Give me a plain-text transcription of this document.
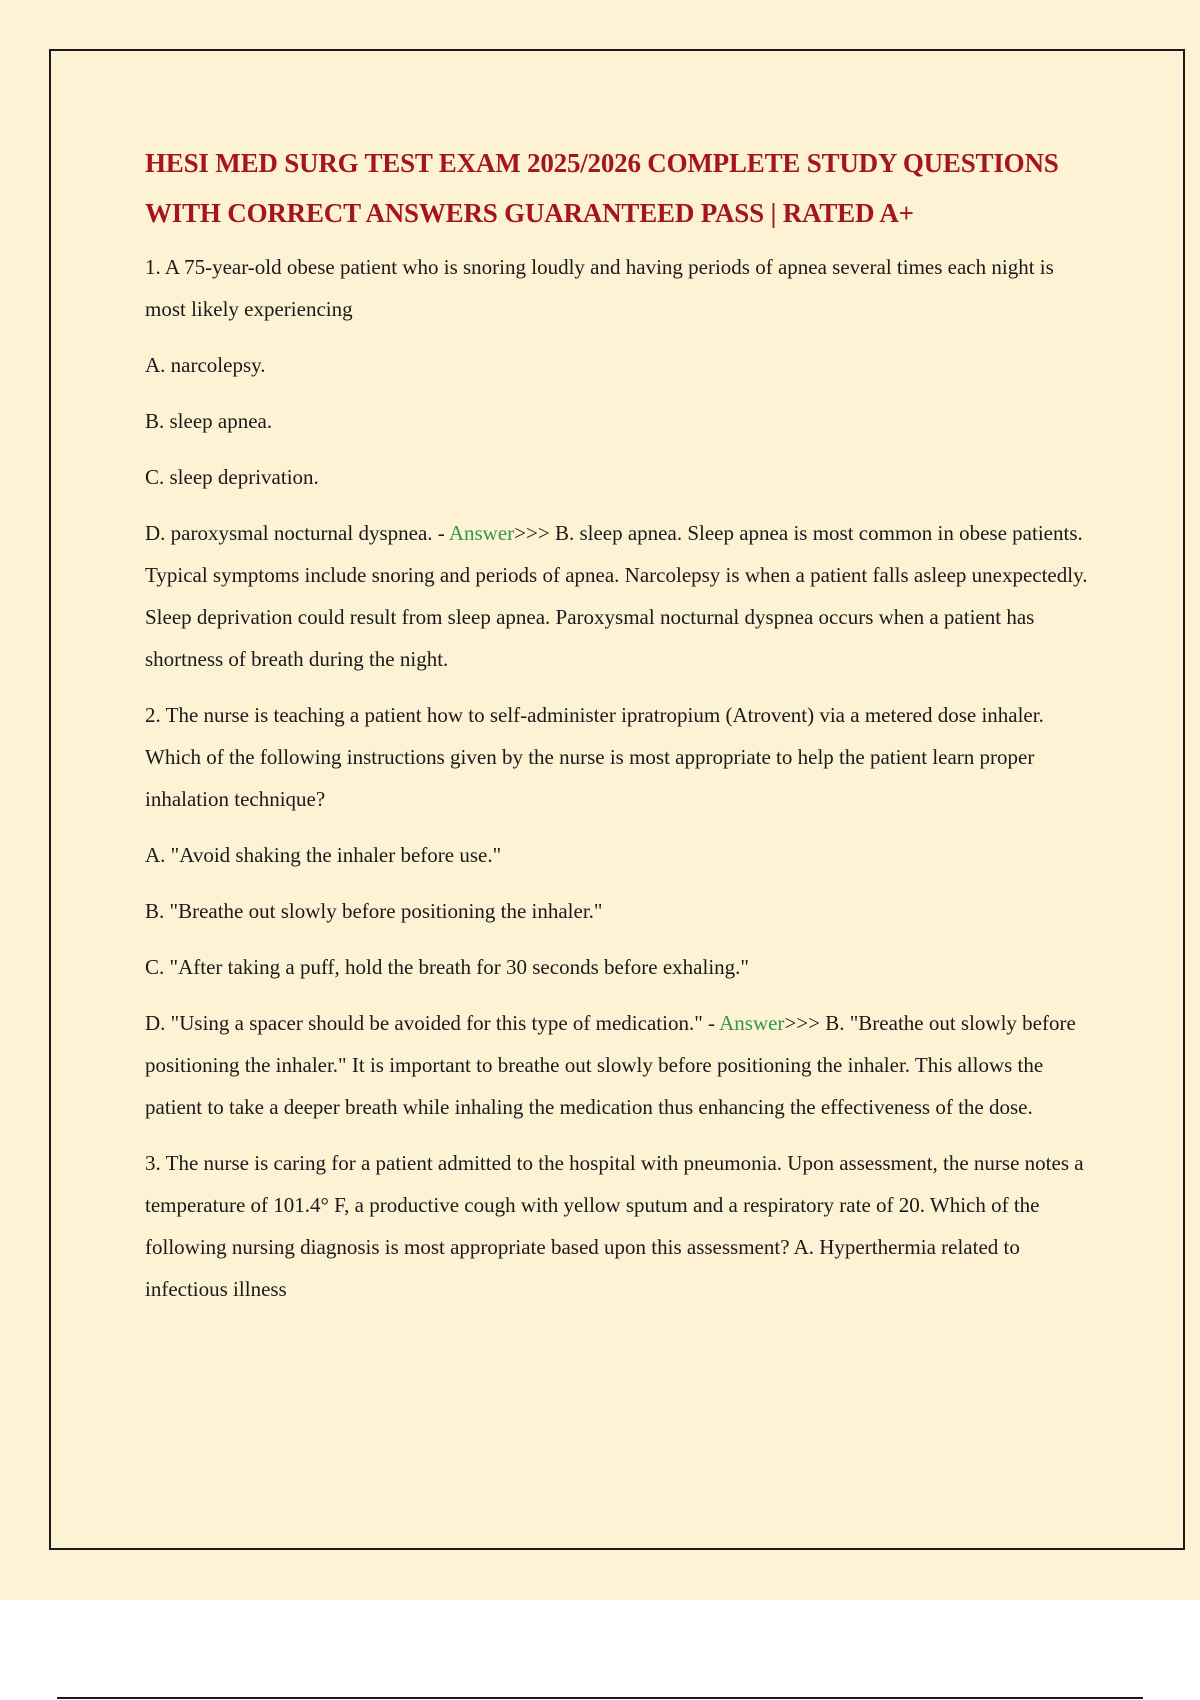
HESI MED SURG TEST EXAM 2025/2026 COMPLETE STUDY QUESTIONS WITH CORRECT ANSWERS GUARANTEED PASS | RATED A+

1. A 75-year-old obese patient who is snoring loudly and having periods of apnea several times each night is most likely experiencing

A. narcolepsy.

B. sleep apnea.

C. sleep deprivation.

D. paroxysmal nocturnal dyspnea. - Answer>>> B. sleep apnea. Sleep apnea is most common in obese patients. Typical symptoms include snoring and periods of apnea. Narcolepsy is when a patient falls asleep unexpectedly. Sleep deprivation could result from sleep apnea. Paroxysmal nocturnal dyspnea occurs when a patient has shortness of breath during the night.

2. The nurse is teaching a patient how to self-administer ipratropium (Atrovent) via a metered dose inhaler. Which of the following instructions given by the nurse is most appropriate to help the patient learn proper inhalation technique?

A. "Avoid shaking the inhaler before use."

B. "Breathe out slowly before positioning the inhaler."

C. "After taking a puff, hold the breath for 30 seconds before exhaling."

D. "Using a spacer should be avoided for this type of medication." - Answer>>> B. "Breathe out slowly before positioning the inhaler." It is important to breathe out slowly before positioning the inhaler. This allows the patient to take a deeper breath while inhaling the medication thus enhancing the effectiveness of the dose.

3. The nurse is caring for a patient admitted to the hospital with pneumonia. Upon assessment, the nurse notes a temperature of 101.4° F, a productive cough with yellow sputum and a respiratory rate of 20. Which of the following nursing diagnosis is most appropriate based upon this assessment? A. Hyperthermia related to infectious illness
